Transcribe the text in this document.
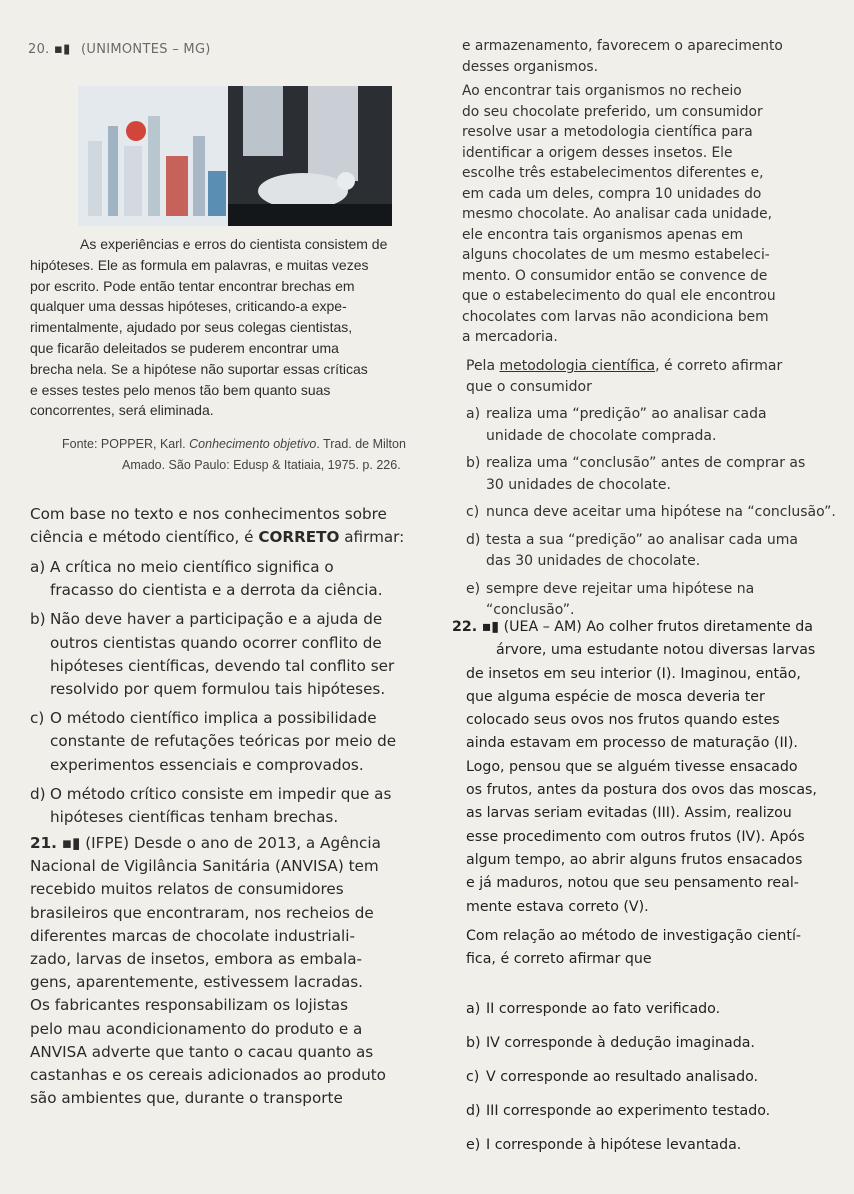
20. ▪▮ (UNIMONTES – MG)
As experiências e erros do cientista consistem de
hipóteses. Ele as formula em palavras, e muitas vezes
por escrito. Pode então tentar encontrar brechas em
qualquer uma dessas hipóteses, criticando-a expe-
rimentalmente, ajudado por seus colegas cientistas,
que ficarão deleitados se puderem encontrar uma
brecha nela. Se a hipótese não suportar essas críticas
e esses testes pelo menos tão bem quanto suas
concorrentes, será eliminada.
Fonte: POPPER, Karl. Conhecimento objetivo. Trad. de Milton
Amado. São Paulo: Edusp & Itatiaia, 1975. p. 226.
Com base no texto e nos conhecimentos sobre
ciência e método científico, é CORRETO afirmar:
a) A crítica no meio científico significa o
fracasso do cientista e a derrota da ciência.
b) Não deve haver a participação e a ajuda de
outros cientistas quando ocorrer conflito de
hipóteses científicas, devendo tal conflito ser
resolvido por quem formulou tais hipóteses.
c) O método científico implica a possibilidade
constante de refutações teóricas por meio de
experimentos essenciais e comprovados.
d) O método crítico consiste em impedir que as
hipóteses científicas tenham brechas.
21. ▪▮ (IFPE) Desde o ano de 2013, a Agência
Nacional de Vigilância Sanitária (ANVISA) tem
recebido muitos relatos de consumidores
brasileiros que encontraram, nos recheios de
diferentes marcas de chocolate industriali-
zado, larvas de insetos, embora as embala-
gens, aparentemente, estivessem lacradas.
Os fabricantes responsabilizam os lojistas
pelo mau acondicionamento do produto e a
ANVISA adverte que tanto o cacau quanto as
castanhas e os cereais adicionados ao produto
são ambientes que, durante o transporte
e armazenamento, favorecem o aparecimento
desses organismos.
Ao encontrar tais organismos no recheio
do seu chocolate preferido, um consumidor
resolve usar a metodologia científica para
identificar a origem desses insetos. Ele
escolhe três estabelecimentos diferentes e,
em cada um deles, compra 10 unidades do
mesmo chocolate. Ao analisar cada unidade,
ele encontra tais organismos apenas em
alguns chocolates de um mesmo estabeleci-
mento. O consumidor então se convence de
que o estabelecimento do qual ele encontrou
chocolates com larvas não acondiciona bem
a mercadoria.
Pela metodologia científica, é correto afirmar
que o consumidor
a) realiza uma “predição” ao analisar cada
unidade de chocolate comprada.
b) realiza uma “conclusão” antes de comprar as
30 unidades de chocolate.
c) nunca deve aceitar uma hipótese na “conclusão”.
d) testa a sua “predição” ao analisar cada uma
das 30 unidades de chocolate.
e) sempre deve rejeitar uma hipótese na
“conclusão”.
22. ▪▮ (UEA – AM) Ao colher frutos diretamente da
árvore, uma estudante notou diversas larvas
de insetos em seu interior (I). Imaginou, então,
que alguma espécie de mosca deveria ter
colocado seus ovos nos frutos quando estes
ainda estavam em processo de maturação (II).
Logo, pensou que se alguém tivesse ensacado
os frutos, antes da postura dos ovos das moscas,
as larvas seriam evitadas (III). Assim, realizou
esse procedimento com outros frutos (IV). Após
algum tempo, ao abrir alguns frutos ensacados
e já maduros, notou que seu pensamento real-
mente estava correto (V).
Com relação ao método de investigação cientí-
fica, é correto afirmar que
a) II corresponde ao fato verificado.
b) IV corresponde à dedução imaginada.
c) V corresponde ao resultado analisado.
d) III corresponde ao experimento testado.
e) I corresponde à hipótese levantada.
